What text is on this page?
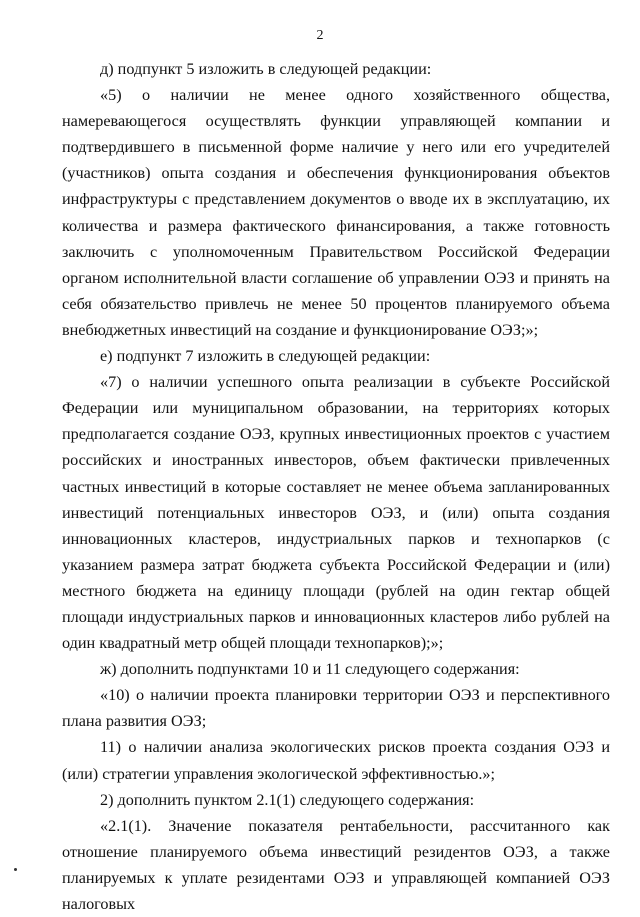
2

д) подпункт 5 изложить в следующей редакции:

«5) о наличии не менее одного хозяйственного общества, намеревающегося осуществлять функции управляющей компании и подтвердившего в письменной форме наличие у него или его учредителей (участников) опыта создания и обеспечения функционирования объектов инфраструктуры с представлением документов о вводе их в эксплуатацию, их количества и размера фактического финансирования, а также готовность заключить с уполномоченным Правительством Российской Федерации органом исполнительной власти соглашение об управлении ОЭЗ и принять на себя обязательство привлечь не менее 50 процентов планируемого объема внебюджетных инвестиций на создание и функционирование ОЭЗ;»;

е) подпункт 7 изложить в следующей редакции:

«7) о наличии успешного опыта реализации в субъекте Российской Федерации или муниципальном образовании, на территориях которых предполагается создание ОЭЗ, крупных инвестиционных проектов с участием российских и иностранных инвесторов, объем фактически привлеченных частных инвестиций в которые составляет не менее объема запланированных инвестиций потенциальных инвесторов ОЭЗ, и (или) опыта создания инновационных кластеров, индустриальных парков и технопарков (с указанием размера затрат бюджета субъекта Российской Федерации и (или) местного бюджета на единицу площади (рублей на один гектар общей площади индустриальных парков и инновационных кластеров либо рублей на один квадратный метр общей площади технопарков);»;

ж) дополнить подпунктами 10 и 11 следующего содержания:

«10) о наличии проекта планировки территории ОЭЗ и перспективного плана развития ОЭЗ;

11) о наличии анализа экологических рисков проекта создания ОЭЗ и (или) стратегии управления экологической эффективностью.»;

2) дополнить пунктом 2.1(1) следующего содержания:

«2.1(1). Значение показателя рентабельности, рассчитанного как отношение планируемого объема инвестиций резидентов ОЭЗ, а также планируемых к уплате резидентами ОЭЗ и управляющей компанией ОЭЗ налоговых
